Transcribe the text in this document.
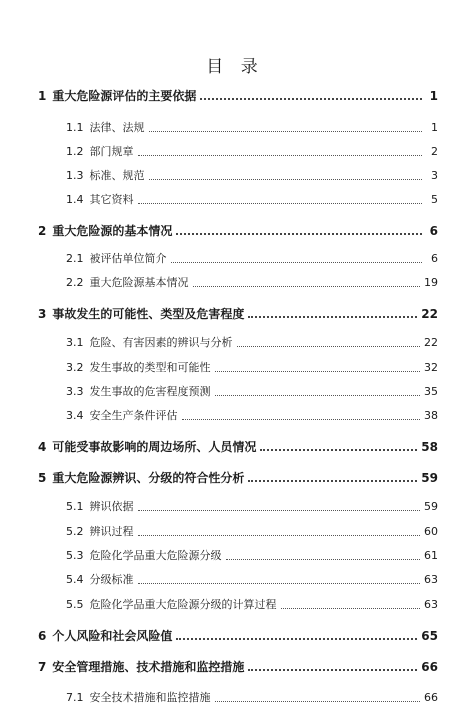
目 录
1 重大危险源评估的主要依据	1
1.1 法律、法规	1
1.2 部门规章	2
1.3 标准、规范	3
1.4 其它资料	5
2 重大危险源的基本情况	6
2.1 被评估单位简介	6
2.2 重大危险源基本情况	19
3 事故发生的可能性、类型及危害程度	22
3.1 危险、有害因素的辨识与分析	22
3.2 发生事故的类型和可能性	32
3.3 发生事故的危害程度预测	35
3.4 安全生产条件评估	38
4 可能受事故影响的周边场所、人员情况	58
5 重大危险源辨识、分级的符合性分析	59
5.1 辨识依据	59
5.2 辨识过程	60
5.3 危险化学品重大危险源分级	61
5.4 分级标准	63
5.5 危险化学品重大危险源分级的计算过程	63
6 个人风险和社会风险值	65
7 安全管理措施、技术措施和监控措施	66
7.1 安全技术措施和监控措施	66
